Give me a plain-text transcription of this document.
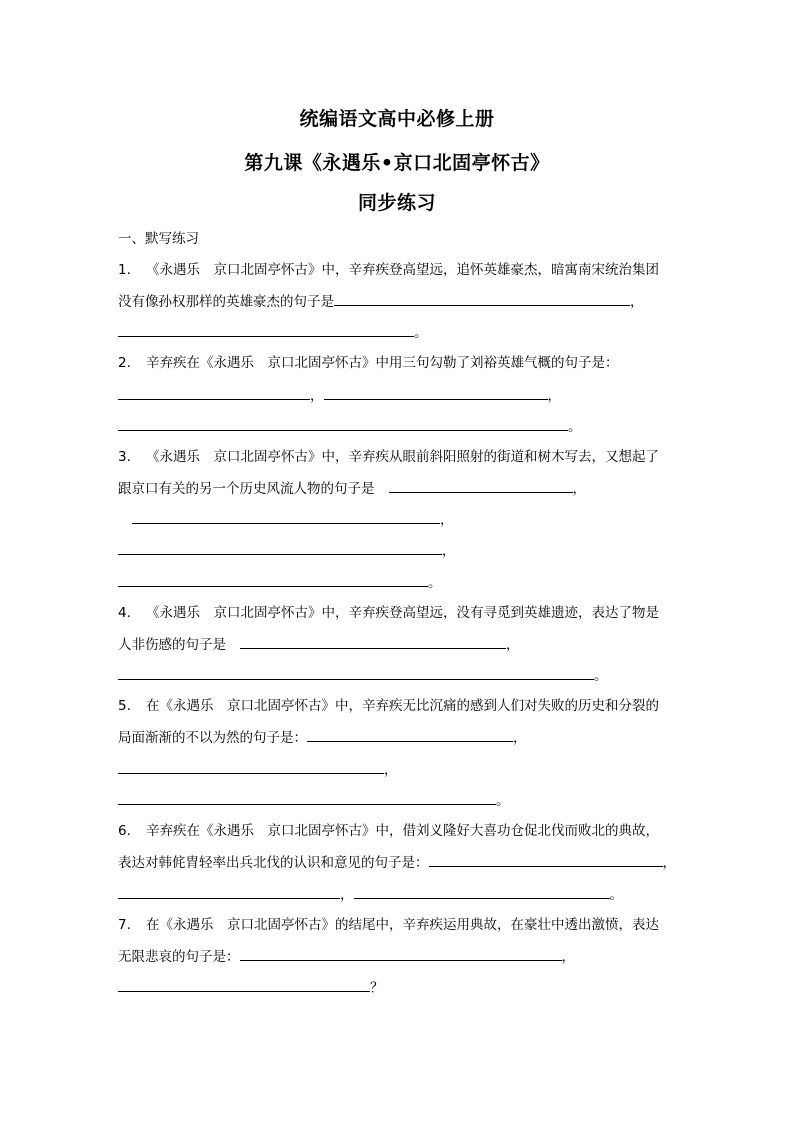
统编语文高中必修上册
第九课《永遇乐•京口北固亭怀古》
同步练习
一、默写练习
1. 《永遇乐　京口北固亭怀古》中，辛弃疾登高望远，追怀英雄豪杰，暗寓南宋统治集团
没有像孙权那样的英雄豪杰的句子是	，
。
2. 辛弃疾在《永遇乐　京口北固亭怀古》中用三句勾勒了刘裕英雄气概的句子是：
，	，
。
3. 《永遇乐　京口北固亭怀古》中，辛弃疾从眼前斜阳照射的街道和树木写去，又想起了
跟京口有关的另一个历史风流人物的句子是	，
，
，
。
4. 《永遇乐　京口北固亭怀古》中，辛弃疾登高望远，没有寻觅到英雄遗迹，表达了物是
人非伤感的句子是	，
。
5. 在《永遇乐　京口北固亭怀古》中，辛弃疾无比沉痛的感到人们对失败的历史和分裂的
局面渐渐的不以为然的句子是：	，
，
。
6. 辛弃疾在《永遇乐　京口北固亭怀古》中，借刘义隆好大喜功仓促北伐而败北的典故，
表达对韩侂胄轻率出兵北伐的认识和意见的句子是：	，
，	。
7. 在《永遇乐　京口北固亭怀古》的结尾中，辛弃疾运用典故，在豪壮中透出激愤，表达
无限悲哀的句子是：	，
？
